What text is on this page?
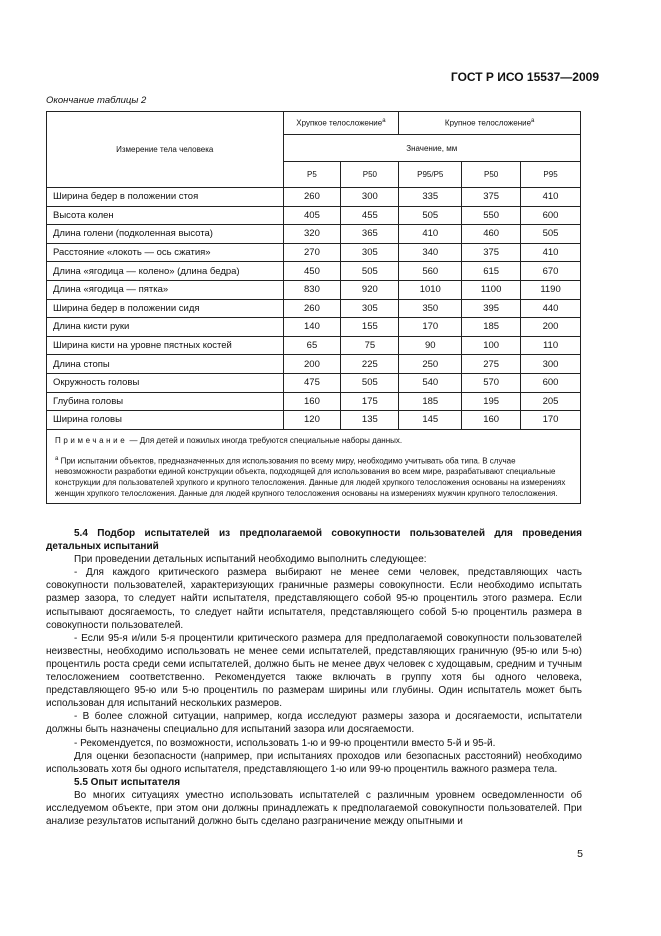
ГОСТ Р ИСО 15537—2009
Окончание таблицы 2
Измерение тела человека	Хрупкое телосложение$^а$		Крупное телосложение$^а$
	Значение, мм				
	P5	P50	P95/P5	P50	P95
Ширина бедер в положении стоя	260	300	335	375	410
Высота колен	405	455	505	550	600
Длина голени (подколенная высота)	320	365	410	460	505
Расстояние «локоть — ось сжатия»	270	305	340	375	410
Длина «ягодица — колено» (длина бедра)	450	505	560	615	670
Длина «ягодица — пятка»	830	920	1010	1100	1190
Ширина бедер в положении сидя	260	305	350	395	440
Длина кисти руки	140	155	170	185	200
Ширина кисти на уровне пястных костей	65	75	90	100	110
Длина стопы	200	225	250	275	300
Окружность головы	475	505	540	570	600
Глубина головы	160	175	185	195	205
Ширина головы	120	135	145	160	170

Примечание — Для детей и пожилых иногда требуются специальные наборы данных.
$^а$ При испытании объектов, предназначенных для использования по всему миру, необходимо учитывать оба типа. В случае невозможности разработки единой конструкции объекта, подходящей для использования во всем мире, разрабатывают специальные конструкции для пользователей хрупкого и крупного телосложения. Данные для людей хрупкого телосложения основаны на измерениях женщин хрупкого телосложения. Данные для людей крупного телосложения основаны на измерениях мужчин крупного телосложения.					

5.4 Подбор испытателей из предполагаемой совокупности пользователей для проведения детальных испытаний

При проведении детальных испытаний необходимо выполнить следующее:

- Для каждого критического размера выбирают не менее семи человек, представляющих часть совокупности пользователей, характеризующих граничные размеры совокупности. Если необходимо испытать размер зазора, то следует найти испытателя, представляющего собой 95-ю процентиль этого размера. Если испытывают досягаемость, то следует найти испытателя, представляющего собой 5-ю процентиль размера в совокупности пользователей.

- Если 95-я и/или 5-я процентили критического размера для предполагаемой совокупности пользователей неизвестны, необходимо использовать не менее семи испытателей, представляющих граничную (95-ю или 5-ю) процентиль роста среди семи испытателей, должно быть не менее двух человек с худощавым, средним и тучным телосложением соответственно. Рекомендуется также включать в группу хотя бы одного человека, представляющего 95-ю или 5-ю процентиль по размерам ширины или глубины. Один испытатель может быть использован для испытаний нескольких размеров.

- В более сложной ситуации, например, когда исследуют размеры зазора и досягаемости, испытатели должны быть назначены специально для испытаний зазора или досягаемости.

- Рекомендуется, по возможности, использовать 1-ю и 99-ю процентили вместо 5-й и 95-й.

Для оценки безопасности (например, при испытаниях проходов или безопасных расстояний) необходимо использовать хотя бы одного испытателя, представляющего 1-ю или 99-ю процентиль важного размера тела.

5.5 Опыт испытателя

Во многих ситуациях уместно использовать испытателей с различным уровнем осведомленности об исследуемом объекте, при этом они должны принадлежать к предполагаемой совокупности пользователей. При анализе результатов испытаний должно быть сделано разграничение между опытными и

5
